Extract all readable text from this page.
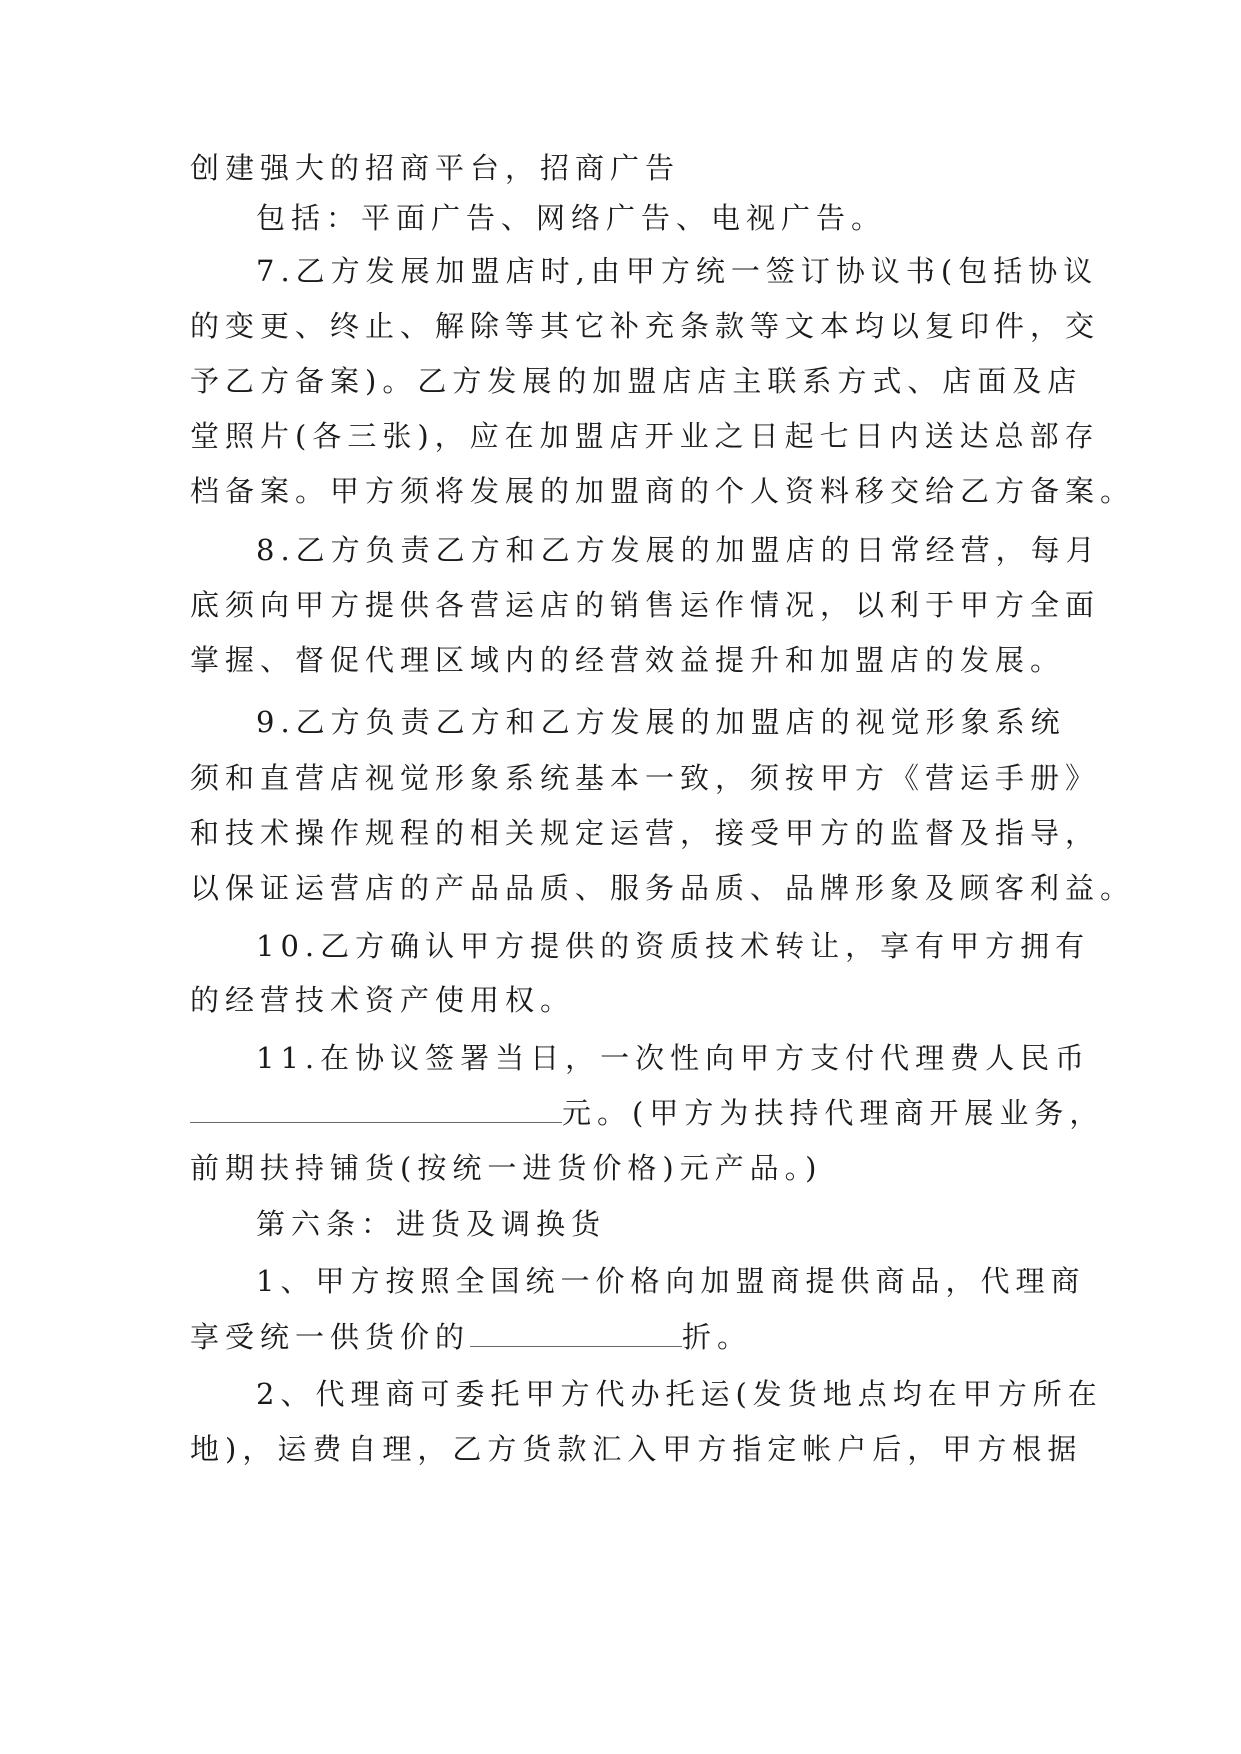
创建强大的招商平台，招商广告
包括：平面广告、网络广告、电视广告。
7.乙方发展加盟店时,由甲方统一签订协议书(包括协议
的变更、终止、解除等其它补充条款等文本均以复印件，交
予乙方备案)。乙方发展的加盟店店主联系方式、店面及店
堂照片(各三张)，应在加盟店开业之日起七日内送达总部存
档备案。甲方须将发展的加盟商的个人资料移交给乙方备案。
8.乙方负责乙方和乙方发展的加盟店的日常经营，每月
底须向甲方提供各营运店的销售运作情况，以利于甲方全面
掌握、督促代理区域内的经营效益提升和加盟店的发展。
9.乙方负责乙方和乙方发展的加盟店的视觉形象系统
须和直营店视觉形象系统基本一致，须按甲方《营运手册》
和技术操作规程的相关规定运营，接受甲方的监督及指导，
以保证运营店的产品品质、服务品质、品牌形象及顾客利益。
10.乙方确认甲方提供的资质技术转让，享有甲方拥有
的经营技术资产使用权。
11.在协议签署当日，一次性向甲方支付代理费人民币
元。(甲方为扶持代理商开展业务，
前期扶持铺货(按统一进货价格)元产品。)
第六条：进货及调换货
1、甲方按照全国统一价格向加盟商提供商品，代理商
享受统一供货价的	折。
2、代理商可委托甲方代办托运(发货地点均在甲方所在
地)，运费自理，乙方货款汇入甲方指定帐户后，甲方根据
